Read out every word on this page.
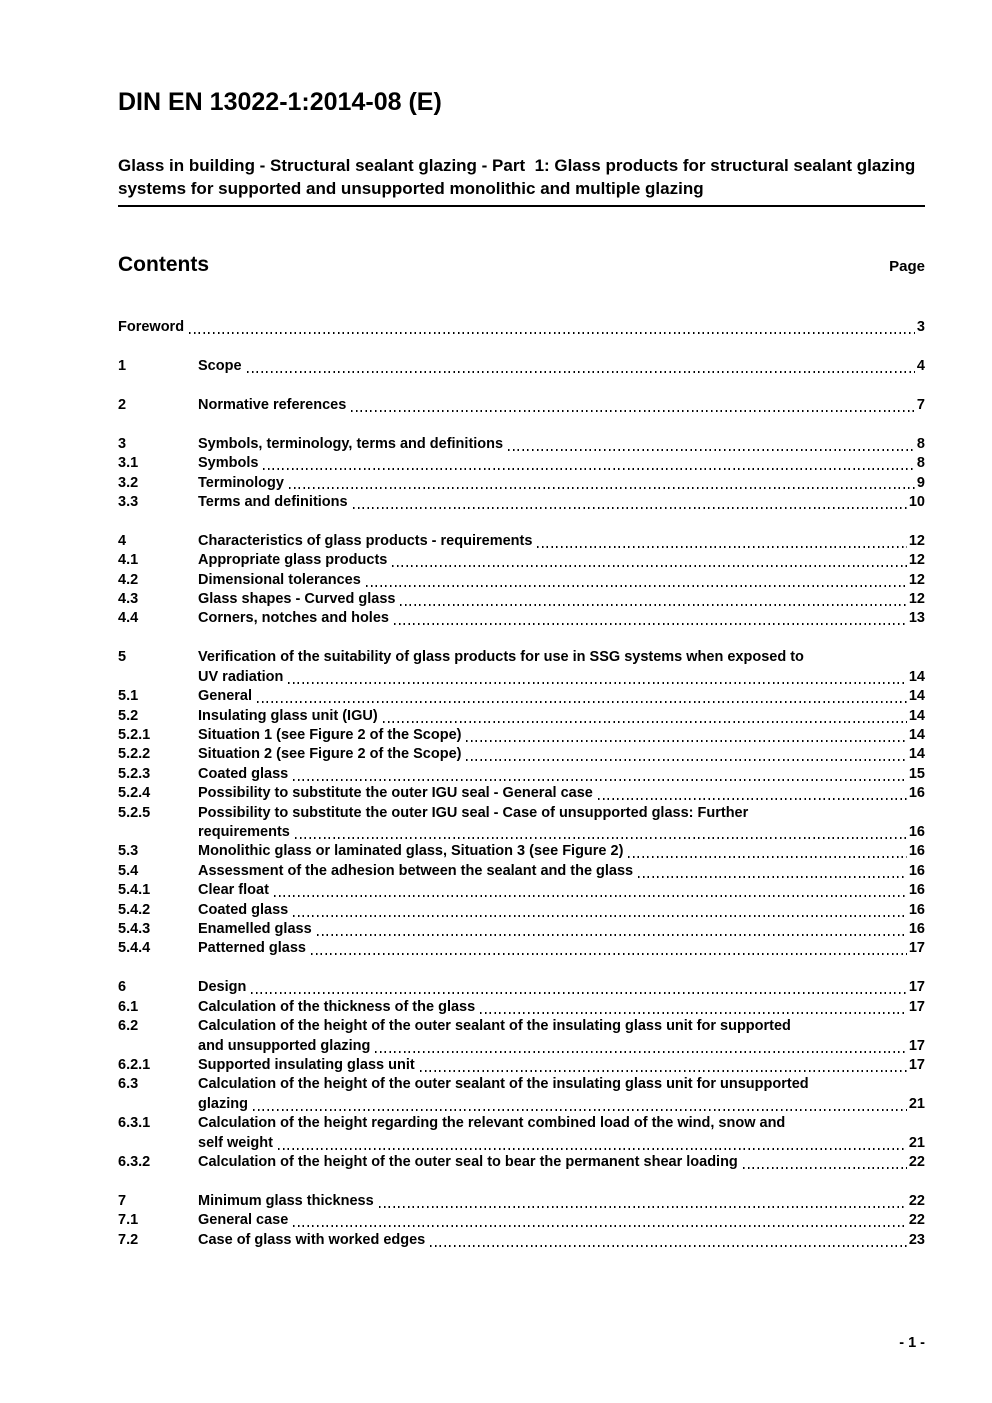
DIN EN 13022-1:2014-08 (E)
Glass in building - Structural sealant glazing - Part  1: Glass products for structural sealant glazing systems for supported and unsupported monolithic and multiple glazing
Contents	Page
Foreword	3
1	Scope	4
2	Normative references	7
3	Symbols, terminology, terms and definitions	8
3.1	Symbols	8
3.2	Terminology	9
3.3	Terms and definitions	10
4	Characteristics of glass products - requirements	12
4.1	Appropriate glass products	12
4.2	Dimensional tolerances	12
4.3	Glass shapes - Curved glass	12
4.4	Corners, notches and holes	13
5	Verification of the suitability of glass products for use in SSG systems when exposed to
UV radiation	14
5.1	General	14
5.2	Insulating glass unit (IGU)	14
5.2.1	Situation 1 (see Figure 2 of the Scope)	14
5.2.2	Situation 2 (see Figure 2 of the Scope)	14
5.2.3	Coated glass	15
5.2.4	Possibility to substitute the outer IGU seal - General case	16
5.2.5	Possibility to substitute the outer IGU seal - Case of unsupported glass: Further
requirements	16
5.3	Monolithic glass or laminated glass, Situation 3 (see Figure 2)	16
5.4	Assessment of the adhesion between the sealant and the glass	16
5.4.1	Clear float	16
5.4.2	Coated glass	16
5.4.3	Enamelled glass	16
5.4.4	Patterned glass	17
6	Design	17
6.1	Calculation of the thickness of the glass	17
6.2	Calculation of the height of the outer sealant of the insulating glass unit for supported
and unsupported glazing	17
6.2.1	Supported insulating glass unit	17
6.3	Calculation of the height of the outer sealant of the insulating glass unit for unsupported
glazing	21
6.3.1	Calculation of the height regarding the relevant combined load of the wind, snow and
self weight	21
6.3.2	Calculation of the height of the outer seal to bear the permanent shear loading	22
7	Minimum glass thickness	22
7.1	General case	22
7.2	Case of glass with worked edges	23
- 1 -
